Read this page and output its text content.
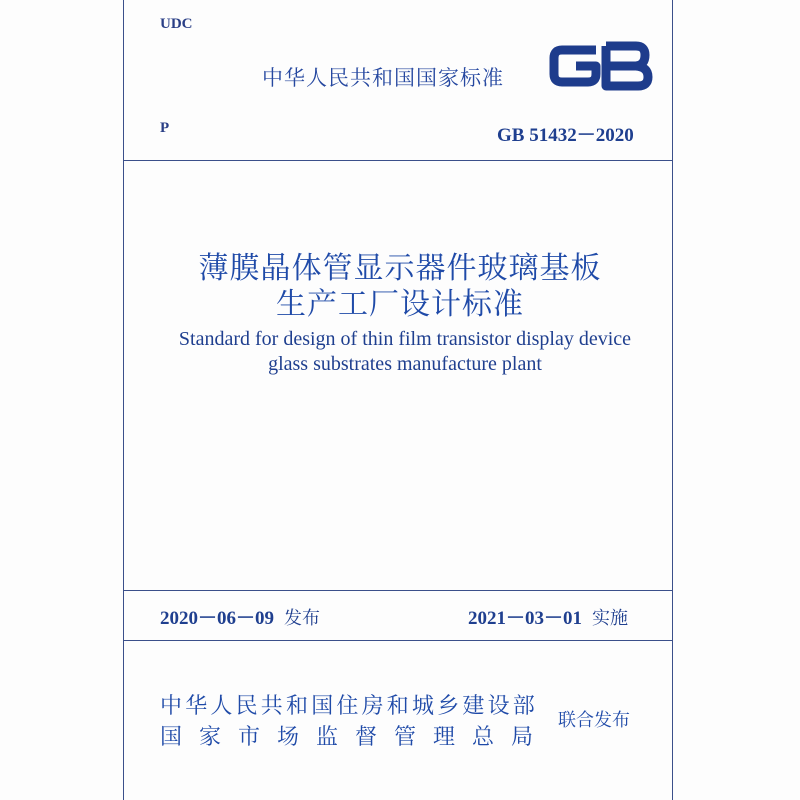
UDC
中华人民共和国国家标准
P	GB 51432－2020
薄膜晶体管显示器件玻璃基板
生产工厂设计标准
Standard for design of thin film transistor display device
glass substrates manufacture plant
2020－06－09 发布	2021－03－01 实施
中华人民共和国住房和城乡建设部
国家市场监督管理总局
联合发布
